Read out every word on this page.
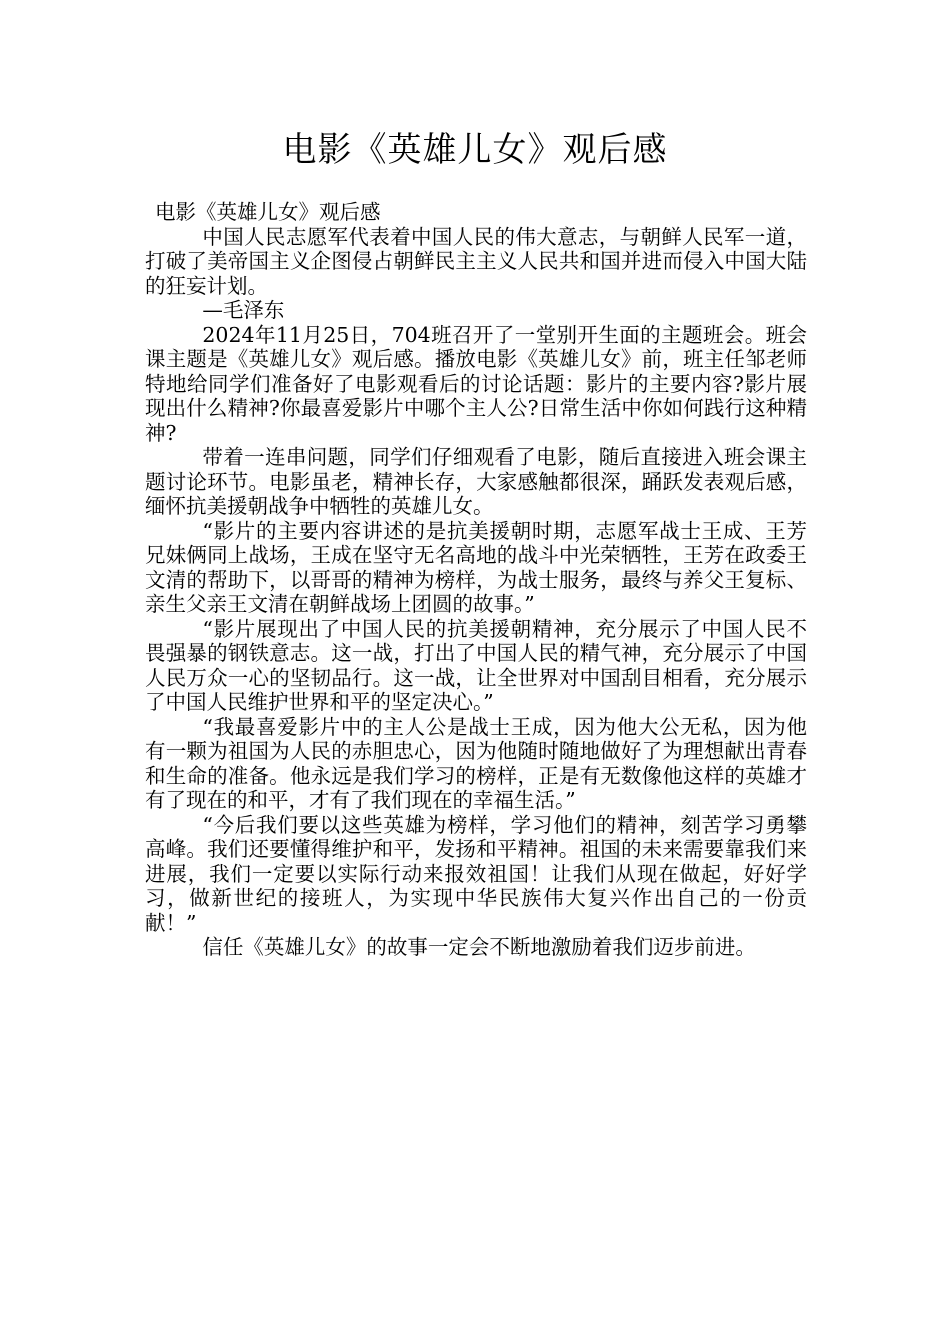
电影《英雄儿女》观后感

电影《英雄儿女》观后感

中国人民志愿军代表着中国人民的伟大意志，与朝鲜人民军一道，打破了美帝国主义企图侵占朝鲜民主主义人民共和国并进而侵入中国大陆的狂妄计划。

—毛泽东

2024年11月25日，704班召开了一堂别开生面的主题班会。班会课主题是《英雄儿女》观后感。播放电影《英雄儿女》前，班主任邹老师特地给同学们准备好了电影观看后的讨论话题：影片的主要内容?影片展现出什么精神?你最喜爱影片中哪个主人公?日常生活中你如何践行这种精神?

带着一连串问题，同学们仔细观看了电影，随后直接进入班会课主题讨论环节。电影虽老，精神长存，大家感触都很深，踊跃发表观后感，缅怀抗美援朝战争中牺牲的英雄儿女。

“影片的主要内容讲述的是抗美援朝时期，志愿军战士王成、王芳兄妹俩同上战场，王成在坚守无名高地的战斗中光荣牺牲，王芳在政委王文清的帮助下，以哥哥的精神为榜样，为战士服务，最终与养父王复标、亲生父亲王文清在朝鲜战场上团圆的故事。”

“影片展现出了中国人民的抗美援朝精神，充分展示了中国人民不畏强暴的钢铁意志。这一战，打出了中国人民的精气神，充分展示了中国人民万众一心的坚韧品行。这一战，让全世界对中国刮目相看，充分展示了中国人民维护世界和平的坚定决心。”

“我最喜爱影片中的主人公是战士王成，因为他大公无私，因为他有一颗为祖国为人民的赤胆忠心，因为他随时随地做好了为理想献出青春和生命的准备。他永远是我们学习的榜样，正是有无数像他这样的英雄才有了现在的和平，才有了我们现在的幸福生活。”

“今后我们要以这些英雄为榜样，学习他们的精神，刻苦学习勇攀高峰。我们还要懂得维护和平，发扬和平精神。祖国的未来需要靠我们来进展，我们一定要以实际行动来报效祖国！让我们从现在做起，好好学习，做新世纪的接班人，为实现中华民族伟大复兴作出自己的一份贡献！”

信任《英雄儿女》的故事一定会不断地激励着我们迈步前进。
